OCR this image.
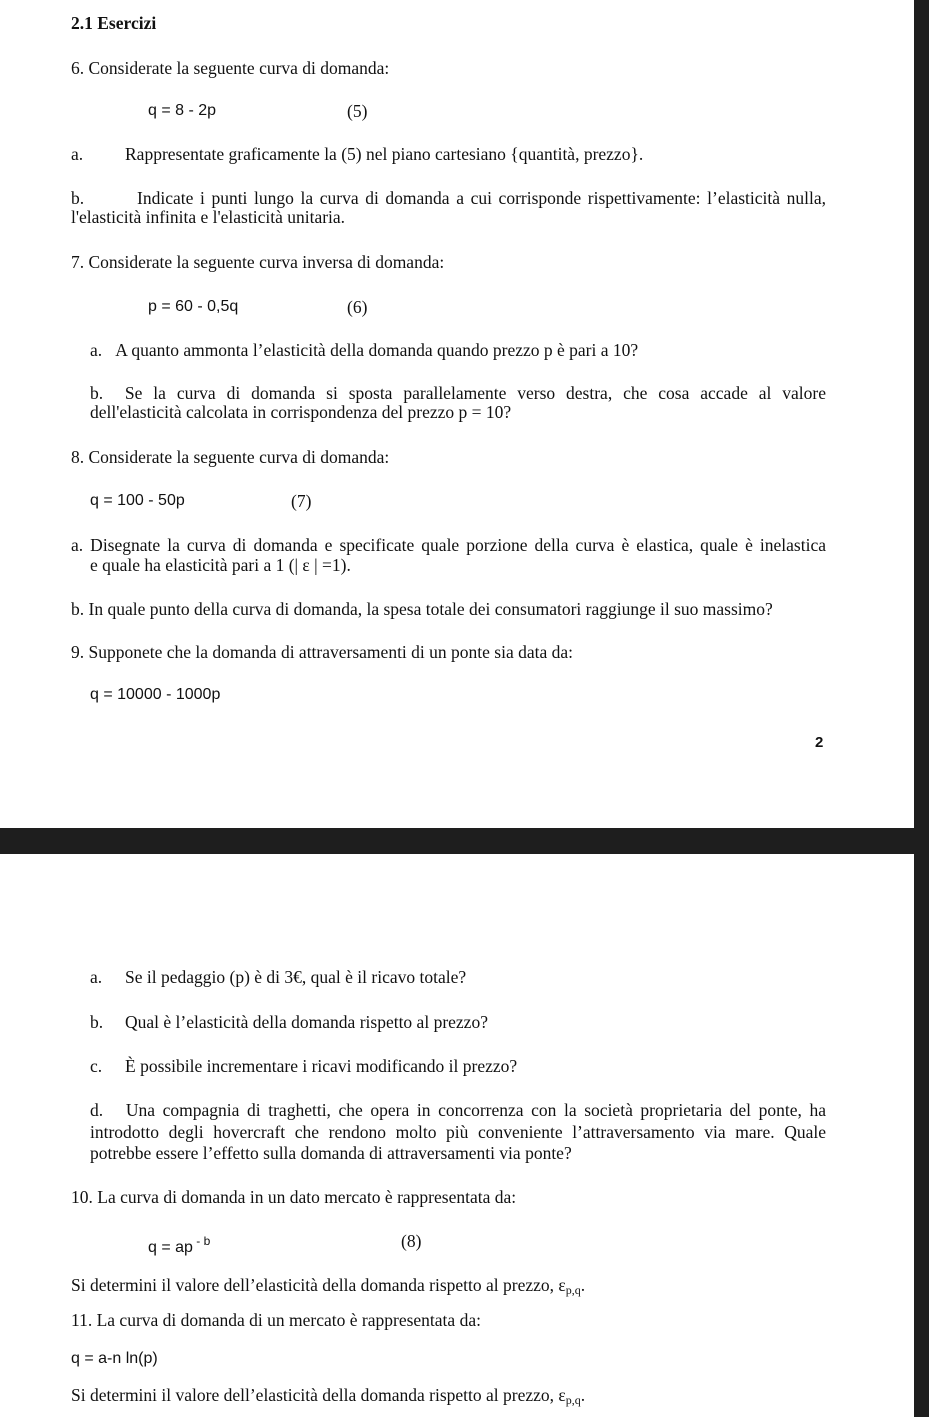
2.1 Esercizi
6. Considerate la seguente curva di domanda:
q = 8 - 2p	(5)
a. Rappresentate graficamente la (5) nel piano cartesiano {quantità, prezzo}.
b.        Indicate i punti lungo la curva di domanda a cui corrisponde rispettivamente: l’elasticità nulla,
l'elasticità infinita e l'elasticità unitaria.
7. Considerate la seguente curva inversa di domanda:
p = 60 - 0,5q	(6)
a.   A quanto ammonta l’elasticità della domanda quando prezzo p è pari a 10?
b.  Se la curva di domanda si sposta parallelamente verso destra, che cosa accade al valore
dell'elasticità calcolata in corrispondenza del prezzo p = 10?
8. Considerate la seguente curva di domanda:
q = 100 - 50p	(7)
a. Disegnate la curva di domanda e specificate quale porzione della curva è elastica, quale è inelastica
e quale ha elasticità pari a 1 (| ε | =1).
b. In quale punto della curva di domanda, la spesa totale dei consumatori raggiunge il suo massimo?
9. Supponete che la domanda di attraversamenti di un ponte sia data da:
q = 10000 - 1000p
2
a. Se il pedaggio (p) è di 3€, qual è il ricavo totale?
b. Qual è l’elasticità della domanda rispetto al prezzo?
c. È possibile incrementare i ricavi modificando il prezzo?
d.   Una compagnia di traghetti, che opera in concorrenza con la società proprietaria del ponte, ha
introdotto degli hovercraft che rendono molto più conveniente l’attraversamento via mare. Quale
potrebbe essere l’effetto sulla domanda di attraversamenti via ponte?
10. La curva di domanda in un dato mercato è rappresentata da:
q = ap $^{- b}$	(8)
Si determini il valore dell’elasticità della domanda rispetto al prezzo, $\varepsilon_{p,q}$.
11. La curva di domanda di un mercato è rappresentata da:
q = a-n ln(p)
Si determini il valore dell’elasticità della domanda rispetto al prezzo, $\varepsilon_{p,q}$.
